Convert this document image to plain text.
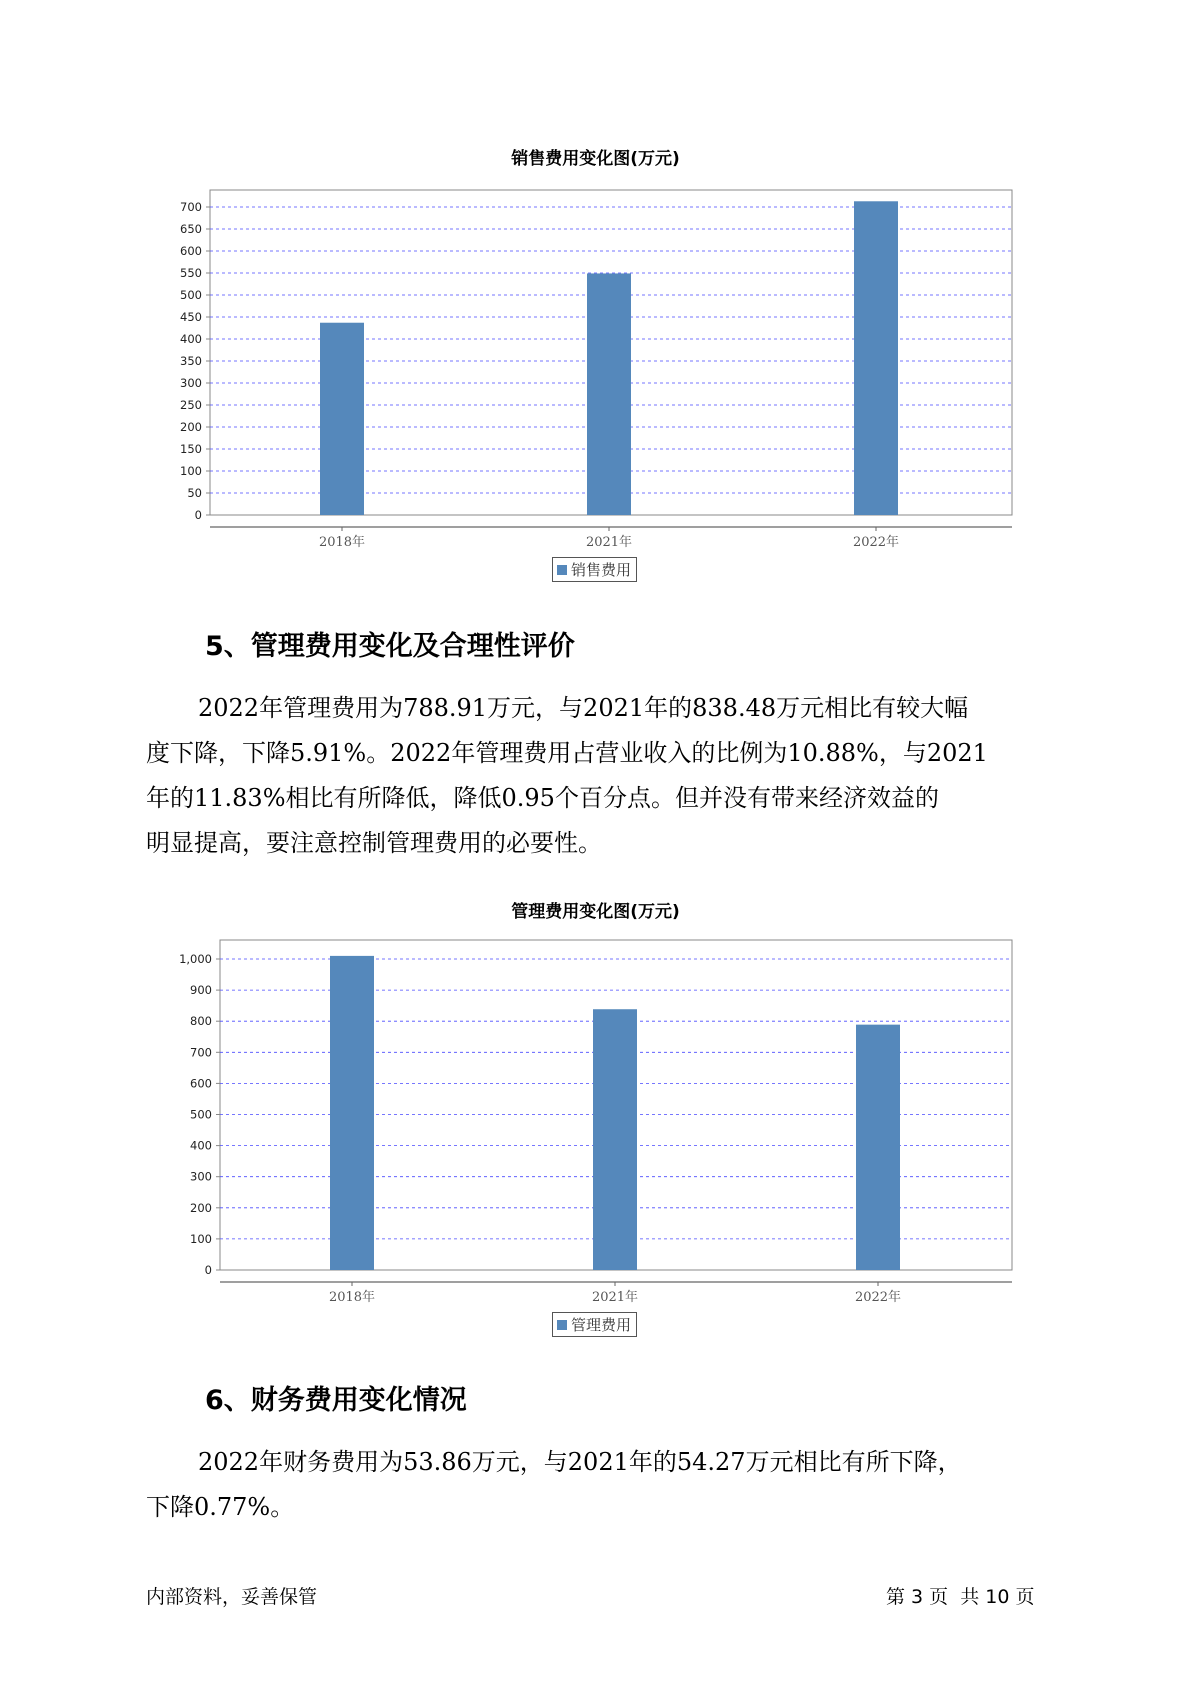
销售费用变化图(万元)
0
50
100
150
200
250
300
350
400
450
500
550
600
650
700
2018年	2021年	2022年
销售费用
5、管理费用变化及合理性评价
2022年管理费用为788.91万元，与2021年的838.48万元相比有较大幅
度下降，下降5.91%。2022年管理费用占营业收入的比例为10.88%，与2021
年的11.83%相比有所降低，降低0.95个百分点。但并没有带来经济效益的
明显提高，要注意控制管理费用的必要性。
管理费用变化图(万元)
0
100
200
300
400
500
600
700
800
900
1,000
2018年	2021年	2022年
管理费用
6、财务费用变化情况
2022年财务费用为53.86万元，与2021年的54.27万元相比有所下降，
下降0.77%。
内部资料，妥善保管	第 3 页  共 10 页
